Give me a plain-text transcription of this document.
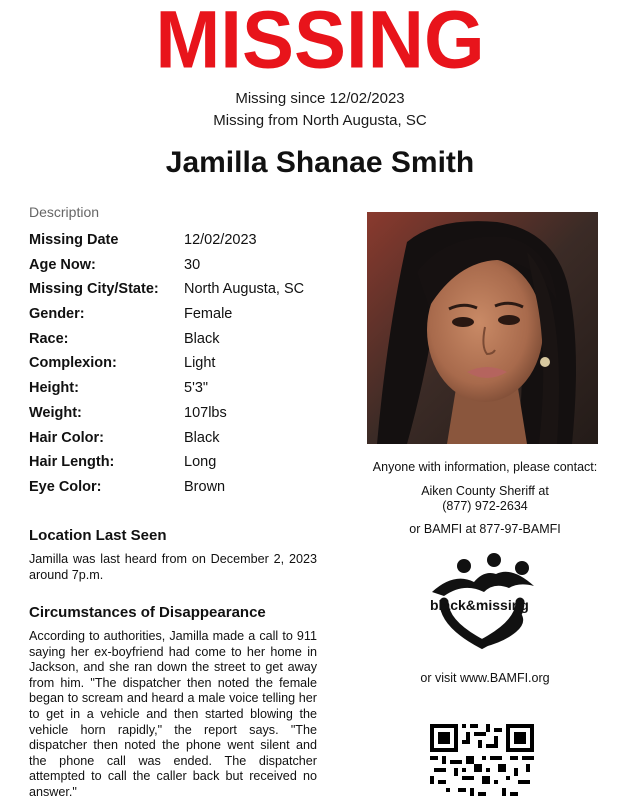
MISSING
Missing since 12/02/2023
Missing from North Augusta, SC
Jamilla Shanae Smith
Description
Missing Date	12/02/2023
Age Now:	30
Missing City/State: North Augusta, SC
Gender:	Female
Race:	Black
Complexion:	Light
Height:	5'3"
Weight:	107lbs
Hair Color:	Black
Hair Length:	Long
Eye Color:	Brown
Location Last Seen
Jamilla was last heard from on December 2, 2023 around 7p.m.
Circumstances of Disappearance
According to authorities, Jamilla made a call to 911 saying her ex-boyfriend had come to her home in Jackson, and she ran down the street to get away from him. "The dispatcher then noted the female began to scream and heard a male voice telling her to get in a vehicle and then started blowing the vehicle horn rapidly," the report says. "The dispatcher then noted the phone went silent and the phone call was ended. The dispatcher attempted to call the caller back but received no answer."
Anyone with information, please contact:
Aiken County Sheriff at
(877) 972-2634
or BAMFI at 877-97-BAMFI
black&missing
or visit www.BAMFI.org
